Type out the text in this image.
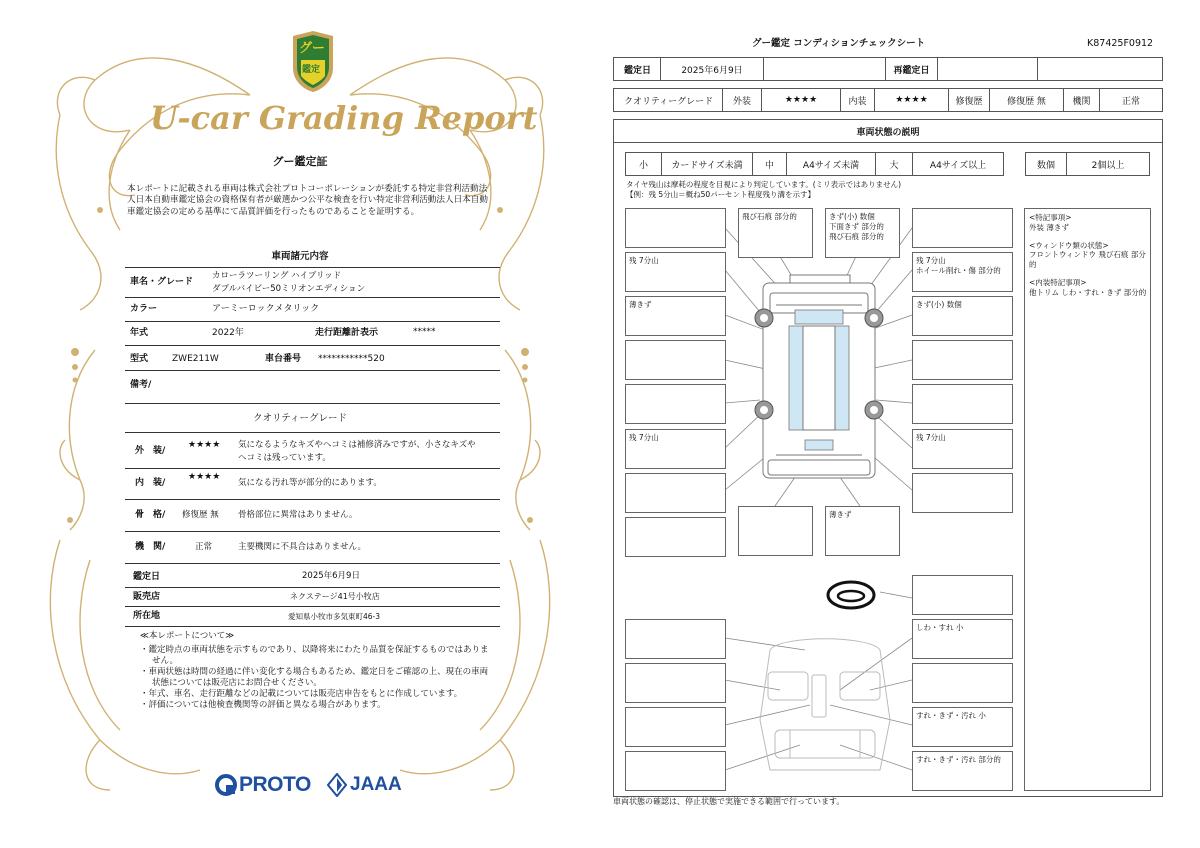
グー
鑑定
U-car Grading Report
グー鑑定証
本レポートに記載される車両は株式会社プロトコーポレーションが委託する特定非営利活動法人日本自動車鑑定協会の資格保有者が厳選かつ公平な検査を行い特定非営利活動法人日本自動車鑑定協会の定める基準にて品質評価を行ったものであることを証明する。
車両諸元内容
車名・グレード
カローラツーリング ハイブリッド
ダブルバイビー50ミリオンエディション
カラー	アーミーロックメタリック
年式	2022年	走行距離計表示	*****
型式	ZWE211W	車台番号 ***********520
備考/
クオリティーグレード
外　装/
★★★★ 気になるようなキズやヘコミは補修済みですが、小さなキズや
ヘコミは残っています。
内　装/
★★★★
気になる汚れ等が部分的にあります。
骨　格/ 修復歴 無 骨格部位に異常はありません。
機　関/	正常	主要機関に不具合はありません。
鑑定日	2025年6月9日
販売店	ネクステージ41号小牧店
所在地	愛知県小牧市多気東町46-3
≪本レポートについて≫
・鑑定時点の車両状態を示すものであり、以降将来にわたり品質を保証するものではありません。
・車両状態は時間の経過に伴い変化する場合もあるため、鑑定日をご確認の上、現在の車両状態については販売店にお問合せください。
・年式、車名、走行距離などの記載については販売店申告をもとに作成しています。
・評価については他検査機関等の評価と異なる場合があります。
PROTO JAAA
グー鑑定 コンディションチェックシート	K87425F0912
鑑定日	2025年6月9日	再鑑定日
クオリティーグレード 外装	★★★★	内装	★★★★	修復歴	修復歴 無	機関	正常
車両状態の説明
小	カードサイズ未満 中	A4サイズ未満	大	A4サイズ以上	数個	2個以上
タイヤ残山は摩耗の程度を目視により判定しています。(ミリ表示ではありません)
【例：残 5分山＝概ね50パーセント程度残り溝を示す】
残 7分山
薄きず
残 7分山
飛び石痕 部分的	きず(小) 数個
下面きず 部分的
飛び石痕 部分的
残 7分山
ホイール削れ・傷 部分的
きず(小) 数個
残 7分山
薄きず
しわ・すれ 小
すれ・きず・汚れ 小
すれ・きず・汚れ 部分的
<特記事項>
外装 薄きず
<ウィンドウ類の状態>
フロントウィンドウ 飛び石痕 部分的
<内装特記事項>
他トリム しわ・すれ・きず 部分的
車両状態の確認は、停止状態で実施できる範囲で行っています。
